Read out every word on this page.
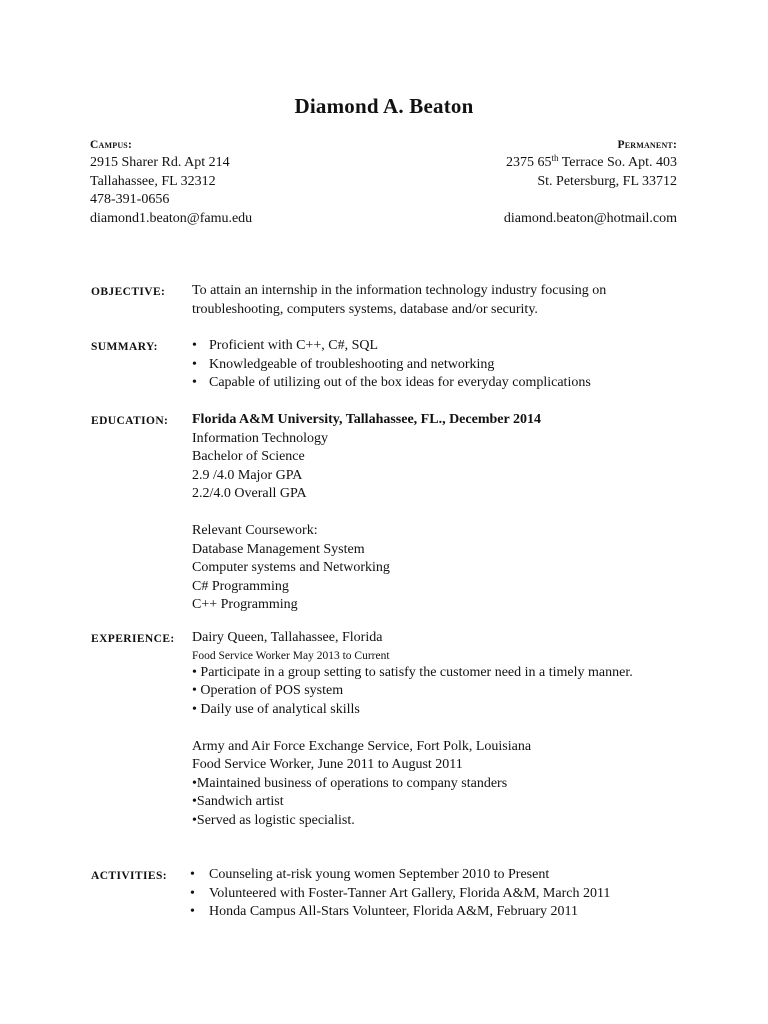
Diamond A. Beaton
Campus:
2915 Sharer Rd. Apt 214
Tallahassee, FL 32312
478-391-0656
diamond1.beaton@famu.edu
Permanent:
2375 65th Terrace So. Apt. 403
St. Petersburg, FL 33712

diamond.beaton@hotmail.com
OBJECTIVE: To attain an internship in the information technology industry focusing on
troubleshooting, computers systems, database and/or security.
SUMMARY: • Proficient with C++, C#, SQL
• Knowledgeable of troubleshooting and networking
• Capable of utilizing out of the box ideas for everyday complications
EDUCATION: Florida A&M University, Tallahassee, FL., December 2014
Information Technology
Bachelor of Science
2.9 /4.0 Major GPA
2.2/4.0 Overall GPA
Relevant Coursework:
Database Management System
Computer systems and Networking
C# Programming
C++ Programming
EXPERIENCE: Dairy Queen, Tallahassee, Florida
Food Service Worker May 2013 to Current
• Participate in a group setting to satisfy the customer need in a timely manner.
• Operation of POS system
• Daily use of analytical skills
Army and Air Force Exchange Service, Fort Polk, Louisiana
Food Service Worker, June 2011 to August 2011
•Maintained business of operations to company standers
•Sandwich artist
•Served as logistic specialist.
ACTIVITIES: • Counseling at-risk young women September 2010 to Present
• Volunteered with Foster-Tanner Art Gallery, Florida A&M, March 2011
• Honda Campus All-Stars Volunteer, Florida A&M, February 2011
